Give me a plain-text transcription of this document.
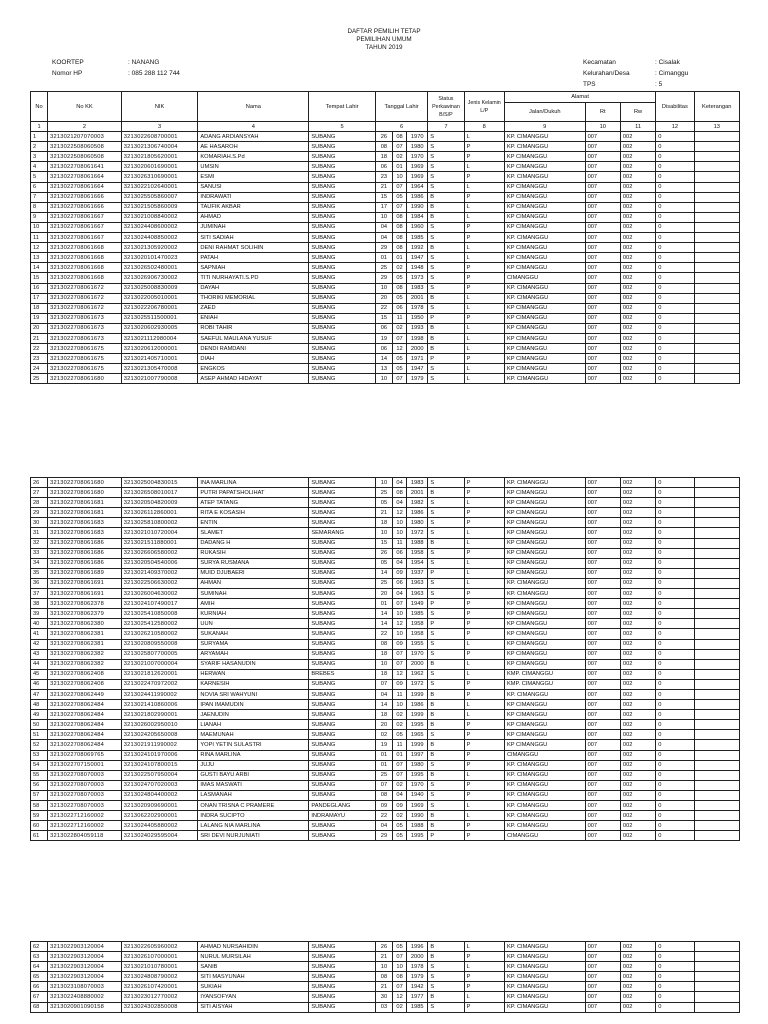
DAFTAR PEMILIH TETAP
PEMILIHAN UMUM
TAHUN 2019
KOORTEP	: NANANG
Nomor HP	: 085 288 112 744
Kecamatan	: Cisalak
Kelurahan/Desa	: Cimanggu
TPS	: 5
No	No KK	NIK	Nama	Tempat Lahir	Tanggal Lahir			Status Perkawinan B/S/P	Jenis Kelamin L/P	Alamat			Disabilitas	Keterangan
										Jalan/Dukuh	Rt	Rw		
1	2	3	4	5	6			7	8	9	10	11	12	13
1	3213021207070003	3213022608700001	ADANG ARDIANSYAH	SUBANG	26	08	1970	S	L	KP. CIMANGGU	007	002	0	
2	3213022508060508	3213021306740004	AE HASAROH	SUBANG	08	07	1980	S	P	KP. CIMANGGU	007	002	0	
3	3213022508060508	3213021805620001	KOMARIAH.S.Pd	SUBANG	18	02	1970	S	P	KP CIMANGGU	007	002	0	
4	3213022708061641	3213020601690001	UMSIN	SUBANG	06	01	1969	S	L	KP CIMANGGU	007	002	0	
5	3213022708061664	3213026310690001	ESMI	SUBANG	23	10	1969	S	P	KP. CIMANGGU	007	002	0	
6	3213022708061664	3213022102640001	SANUSI	SUBANG	21	07	1964	S	L	KP CIMANGGU	007	002	0	
7	3213022708061666	3213025505860007	INDRAWATI	SUBANG	15	05	1986	B	P	KP CIMANGGU	007	002	0	
8	3213022708061666	3213021505860009	TAUFIK AKBAR	SUBANG	17	07	1990	B	L	KP CIMANGGU	007	002	0	
9	3213022708061667	3213021008840002	AHMAD	SUBANG	10	08	1984	B	L	KP CIMANGGU	007	002	0	
10	3213022708061667	3213024408600002	JUMINAH	SUBANG	04	08	1960	S	P	KP CIMANGGU	007	002	0	
11	3213022708061667	3213024408850002	SITI SADIAH	SUBANG	04	08	1985	S	P	KP. CIMANGGU	007	002	0	
12	3213022708061668	3213021305920002	DENI RAHMAT SOLIHIN	SUBANG	29	08	1992	B	L	KP CIMANGGU	007	002	0	
13	3213022708061668	3213020101470023	PATAH	SUBANG	01	01	1947	S	L	KP CIMANGGU	007	002	0	
14	3213022708061668	3213026502480001	SAPNIAH	SUBANG	25	02	1948	S	P	KP CIMANGGU	007	002	0	
15	3213022708061668	3213026906730002	TITI NURHAYATI.S.PD	SUBANG	29	05	1973	S	P	CIMANGGU	007	002	0	
16	3213022708061672	3213025008830009	DAYAH	SUBANG	10	08	1983	S	P	KP. CIMANGGU	007	002	0	
17	3213022708061672	3213022005010001	THORIKI MEMORIAL	SUBANG	20	05	2001	B	L	KP. CIMANGGU	007	002	0	
18	3213022708061672	3213022206780001	ZAED	SUBANG	22	06	1978	S	L	KP CIMANGGU	007	002	0	
19	3213022708061673	3213025511500001	ENIAH	SUBANG	15	11	1950	P	P	KP CIMANGGU	007	002	0	
20	3213022708061673	3213020602930005	ROBI TAHIR	SUBANG	06	02	1993	B	L	KP CIMANGGU	007	002	0	
21	3213022708061673	3213021112980004	SAEFUL MAULANA YUSUF	SUBANG	19	07	1998	B	L	KP CIMANGGU	007	002	0	
22	3213022708061675	3213020612000001	DENDI RAMDANI	SUBANG	06	12	2000	B	L	KP CIMANGGU	007	002	0	
23	3213022708061675	3213021405710001	DIAH	SUBANG	14	05	1971	P	P	KP CIMANGGU	007	002	0	
24	3213022708061675	3213021305470008	ENGKOS	SUBANG	13	05	1947	S	L	KP CIMANGGU	007	002	0	
25	3213022708061680	3213021007790008	ASEP AHMAD HIDAYAT	SUBANG	10	07	1979	S	L	KP. CIMANGGU	007	002	0	
26	3213022708061680	3213025004830015	INA MARLINA	SUBANG	10	04	1983	S	P	KP. CIMANGGU	007	002	0	
27	3213022708061680	3213026508010017	PUTRI PAPATSHOLIHAT	SUBANG	25	08	2001	B	P	KP CIMANGGU	007	002	0	
28	3213022708061681	3213020504820009	ATEP TATANG	SUBANG	05	04	1982	S	L	KP CIMANGGU	007	002	0	
29	3213022708061681	3213026112860001	RITA E KOSASIH	SUBANG	21	12	1986	S	P	KP CIMANGGU	007	002	0	
30	3213022708061683	3213025810800002	ENTIN	SUBANG	18	10	1980	S	P	KP CIMANGGU	007	002	0	
31	3213022708061683	3213021010720004	SLAMET	SEMARANG	10	10	1972	S	L	KP CIMANGGU	007	002	0	
32	3213022708061686	3213021511880001	DADANG H	SUBANG	15	11	1988	B	L	KP CIMANGGU	007	002	0	
33	3213022708061686	3213026606580002	RUKASIH	SUBANG	26	06	1958	S	P	KP CIMANGGU	007	002	0	
34	3213022708061686	3213020504540006	SURYA RUSMANA	SUBANG	05	04	1954	S	L	KP CIMANGGU	007	002	0	
35	3213022708061689	3213021409370002	MUID DJUBAERI	SUBANG	14	09	1937	P	L	KP CIMANGGU	007	002	0	
36	3213022708061691	3213022506630002	AHMAN	SUBANG	25	06	1963	S	L	KP. CIMANGGU	007	002	0	
37	3213022708061691	3213026004630002	SUMINAH	SUBANG	20	04	1963	S	P	KP. CIMANGGU	007	002	0	
38	3213022708062378	3213024107490017	AMIH	SUBANG	01	07	1949	P	P	KP CIMANGGU	007	002	0	
39	3213022708062379	3213025410850008	KURNIAH	SUBANG	14	10	1985	S	P	KP CIMANGGU	007	002	0	
40	3213022708062380	3213025412580002	UUN	SUBANG	14	12	1958	P	P	KP CIMANGGU	007	002	0	
41	3213022708062381	3213026210580002	SUKANAH	SUBANG	22	10	1958	S	P	KP CIMANGGU	007	002	0	
42	3213022708062381	3213020809550008	SURYAMA	SUBANG	08	09	1955	S	L	KP CIMANGGU	007	002	0	
43	3213022708062382	3213025807700005	ARYAMAH	SUBANG	18	07	1970	S	P	KP CIMANGGU	007	002	0	
44	3213022708062382	3213021007000004	SYARIF HASANUDIN	SUBANG	10	07	2000	B	L	KP CIMANGGU	007	002	0	
45	3213022708062408	3213021812620001	HERWAN	BREBES	18	12	1962	S	L	KMP. CIMANGGU	007	002	0	
46	3213022708062408	3213022470972002	KARNESIH	SUBANG	07	09	1972	S	P	KMP. CIMANGGU	007	002	0	
47	3213022708062449	3213024411990002	NOVIA SRI WAHYUNI	SUBANG	04	11	1999	B	P	KP. CIMANGGU	007	002	0	
48	3213022708062484	3213021410860006	IPAN IMAMUDIN	SUBANG	14	10	1986	B	L	KP CIMANGGU	007	002	0	
49	3213022708062484	3213021802990001	JAENUDIN	SUBANG	18	02	1999	B	L	KP CIMANGGU	007	002	0	
50	3213022708062484	3213026002950010	LIANAH	SUBANG	20	02	1995	B	P	KP CIMANGGU	007	002	0	
51	3213022708062484	3213024205650008	MAEMUNAH	SUBANG	02	05	1965	S	P	KP CIMANGGU	007	002	0	
52	3213022708062484	3213021911990002	YOPI YETIN SULASTRI	SUBANG	19	11	1999	B	P	KP CIMANGGU	007	002	0	
53	3213022708069765	3213024101970006	RINA MARLINA	SUBANG	01	01	1997	B	P	CIMANGGU	007	002	0	
54	3213022707150001	3213024107800015	JUJU	SUBANG	01	07	1980	S	P	KP. CIMANGGU	007	002	0	
55	3213022708070003	3213022507950004	GUSTI BAYU ARBI	SUBANG	25	07	1995	B	L	KP. CIMANGGU	007	002	0	
56	3213022708070003	3213024707020003	IMAS MASWATI	SUBANG	07	02	1970	S	P	KP. CIMANGGU	007	002	0	
57	3213022708070003	3213024804400002	LASMANAH	SUBANG	08	04	1940	S	P	KP. CIMANGGU	007	002	0	
58	3213022708070003	3213020909690001	ONAN TRISNA C PRAMERE	PANDEGLANG	09	09	1969	S	L	KP. CIMANGGU	007	002	0	
59	3213022712160002	3213062202900001	INDRA SUCIPTO	INDRAMAYU	22	02	1990	B	L	KP. CIMANGGU	007	002	0	
60	3213022712160002	3213024405880002	LALANG NIA MARLINA	SUBANG	04	05	1988	B	P	KP. CIMANGGU	007	002	0	
61	3213022804059118	3213024029595004	SRI DEVI NURJUNIATI	SUBANG	29	05	1995	P	P	CIMANGGU	007	002	0	
62	3213022903120004	3213022605960002	AHMAD NURSAHIDIN	SUBANG	26	05	1996	B	L	KP. CIMANGGU	007	002	0	
63	3213022903120004	3213026107000001	NURUL MURSILAH	SUBANG	21	07	2000	B	P	KP. CIMANGGU	007	002	0	
64	3213022903120004	3213021010780001	SANIB	SUBANG	10	10	1978	S	L	KP. CIMANGGU	007	002	0	
65	3213022903120004	3213024808790002	SITI MASYUNAH	SUBANG	08	08	1979	S	P	KP. CIMANGGU	007	002	0	
66	3213023108070003	3213026107420001	SUKIAH	SUBANG	21	07	1942	S	P	KP. CIMANGGU	007	002	0	
67	3213022408880002	3213023012770002	IYANSOFYAN	SUBANG	30	12	1977	B	L	KP. CIMANGGU	007	002	0	
68	3213020901090158	3213024302850008	SITI AISYAH	SUBANG	03	02	1985	S	P	KP. CIMANGGU	007	002	0	
